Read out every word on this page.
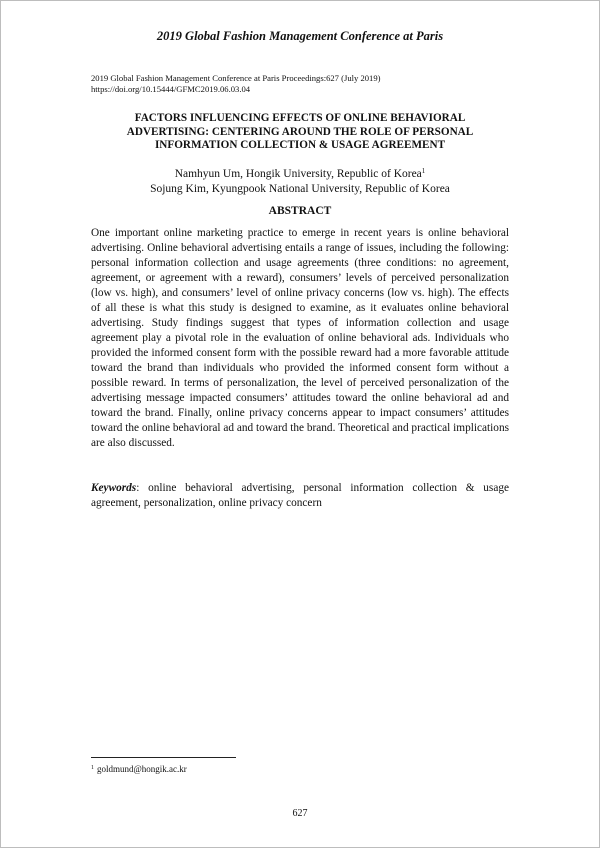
2019 Global Fashion Management Conference at Paris
2019 Global Fashion Management Conference at Paris Proceedings:627 (July 2019)
https://doi.org/10.15444/GFMC2019.06.03.04
FACTORS INFLUENCING EFFECTS OF ONLINE BEHAVIORAL
ADVERTISING: CENTERING AROUND THE ROLE OF PERSONAL
INFORMATION COLLECTION & USAGE AGREEMENT
Namhyun Um, Hongik University, Republic of Korea$^1$
Sojung Kim, Kyungpook National University, Republic of Korea
ABSTRACT
One important online marketing practice to emerge in recent years is online behavioral advertising. Online behavioral advertising entails a range of issues, including the following: personal information collection and usage agreements (three conditions: no agreement, agreement, or agreement with a reward), consumers’ levels of perceived personalization (low vs. high), and consumers’ level of online privacy concerns (low vs. high). The effects of all these is what this study is designed to examine, as it evaluates online behavioral advertising. Study findings suggest that types of information collection and usage agreement play a pivotal role in the evaluation of online behavioral ads. Individuals who provided the informed consent form with the possible reward had a more favorable attitude toward the brand than individuals who provided the informed consent form without a possible reward. In terms of personalization, the level of perceived personalization of the advertising message impacted consumers’ attitudes toward the online behavioral ad and toward the brand. Finally, online privacy concerns appear to impact consumers’ attitudes toward the online behavioral ad and toward the brand. Theoretical and practical implications are also discussed.
Keywords: online behavioral advertising, personal information collection & usage agreement, personalization, online privacy concern
$^1$ goldmund@hongik.ac.kr
627
